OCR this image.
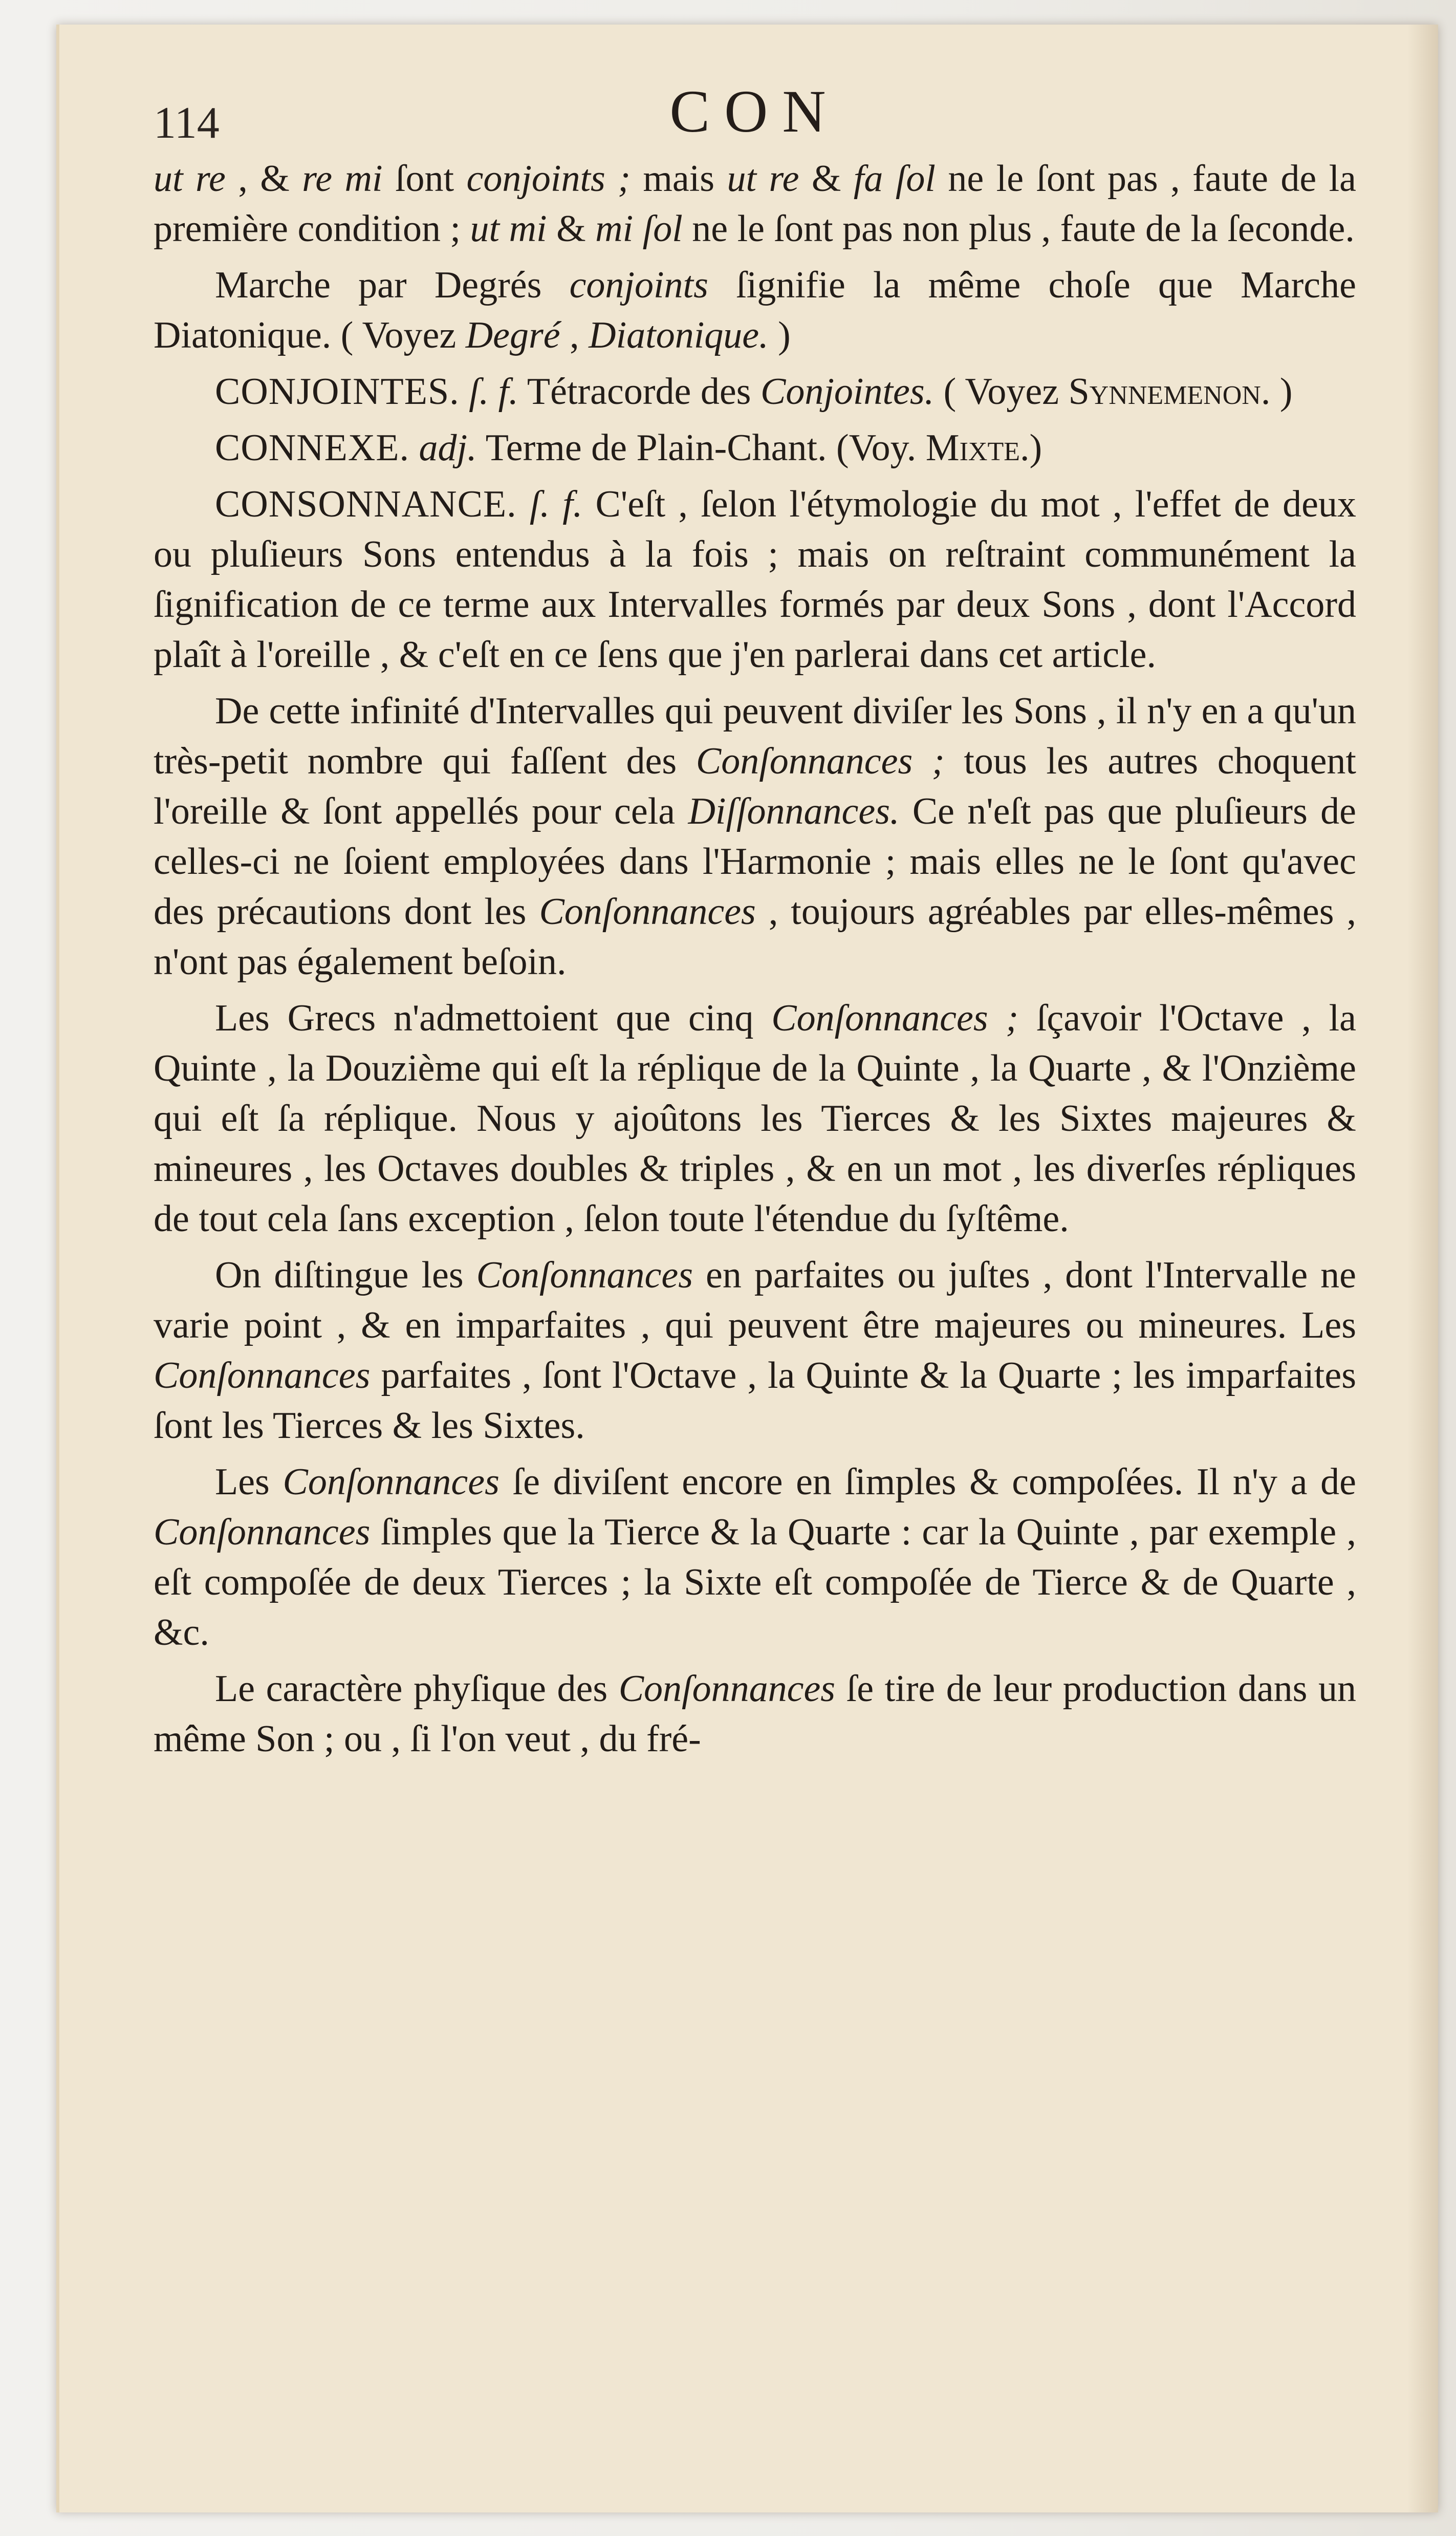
114	CON

ut re , & re mi ſont conjoints ; mais ut re & fa ſol ne le ſont pas , faute de la première condition ; ut mi & mi ſol ne le ſont pas non plus , faute de la ſeconde.

Marche par Degrés conjoints ſignifie la même choſe que Marche Diatonique. ( Voyez Degré , Diatonique. )

CONJOINTES. ſ. f. Tétracorde des Conjointes. ( Voyez Synnemenon. )

CONNEXE. adj. Terme de Plain-Chant. (Voy. Mixte.)

CONSONNANCE. ſ. f. C'eſt , ſelon l'étymologie du mot , l'effet de deux ou pluſieurs Sons entendus à la fois ; mais on reſtraint communément la ſignification de ce terme aux Intervalles formés par deux Sons , dont l'Accord plaît à l'oreille , & c'eſt en ce ſens que j'en parlerai dans cet article.

De cette infinité d'Intervalles qui peuvent diviſer les Sons , il n'y en a qu'un très-petit nombre qui faſſent des Conſonnances ; tous les autres choquent l'oreille & ſont appellés pour cela Diſſonnances. Ce n'eſt pas que pluſieurs de celles-ci ne ſoient employées dans l'Harmonie ; mais elles ne le ſont qu'avec des précautions dont les Conſonnances , toujours agréables par elles-mêmes , n'ont pas également beſoin.

Les Grecs n'admettoient que cinq Conſonnances ; ſçavoir l'Octave , la Quinte , la Douzième qui eſt la réplique de la Quinte , la Quarte , & l'Onzième qui eſt ſa réplique. Nous y ajoûtons les Tierces & les Sixtes majeures & mineures , les Octaves doubles & triples , & en un mot , les diverſes répliques de tout cela ſans exception , ſelon toute l'étendue du ſyſtême.

On diſtingue les Conſonnances en parfaites ou juſtes , dont l'Intervalle ne varie point , & en imparfaites , qui peuvent être majeures ou mineures. Les Conſonnances parfaites , ſont l'Octave , la Quinte & la Quarte ; les imparfaites ſont les Tierces & les Sixtes.

Les Conſonnances ſe diviſent encore en ſimples & compoſées. Il n'y a de Conſonnances ſimples que la Tierce & la Quarte : car la Quinte , par exemple , eſt compoſée de deux Tierces ; la Sixte eſt compoſée de Tierce & de Quarte , &c.

Le caractère phyſique des Conſonnances ſe tire de leur production dans un même Son ; ou , ſi l'on veut , du fré-
